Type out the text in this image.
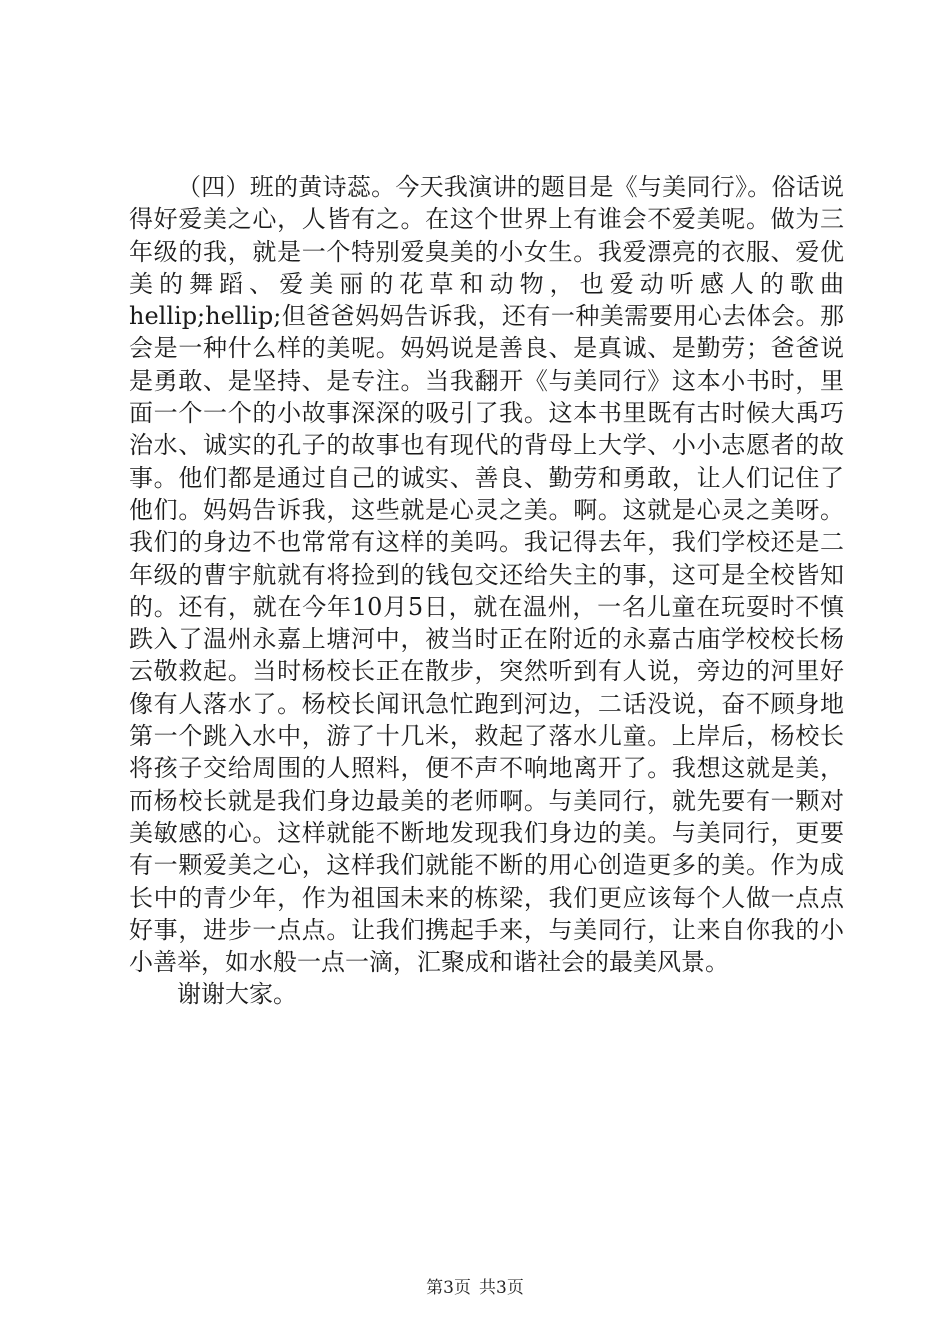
（四）班的黄诗蕊。今天我演讲的题目是《与美同行》。俗话说得好爱美之心，人皆有之。在这个世界上有谁会不爱美呢。做为三年级的我，就是一个特别爱臭美的小女生。我爱漂亮的衣服、爱优美的舞蹈、爱美丽的花草和动物，也爱动听感人的歌曲hellip;hellip;但爸爸妈妈告诉我，还有一种美需要用心去体会。那会是一种什么样的美呢。妈妈说是善良、是真诚、是勤劳；爸爸说是勇敢、是坚持、是专注。当我翻开《与美同行》这本小书时，里面一个一个的小故事深深的吸引了我。这本书里既有古时候大禹巧治水、诚实的孔子的故事也有现代的背母上大学、小小志愿者的故事。他们都是通过自己的诚实、善良、勤劳和勇敢，让人们记住了他们。妈妈告诉我，这些就是心灵之美。啊。这就是心灵之美呀。我们的身边不也常常有这样的美吗。我记得去年，我们学校还是二年级的曹宇航就有将捡到的钱包交还给失主的事，这可是全校皆知的。还有，就在今年10月5日，就在温州，一名儿童在玩耍时不慎跌入了温州永嘉上塘河中，被当时正在附近的永嘉古庙学校校长杨云敬救起。当时杨校长正在散步，突然听到有人说，旁边的河里好像有人落水了。杨校长闻讯急忙跑到河边，二话没说，奋不顾身地第一个跳入水中，游了十几米，救起了落水儿童。上岸后，杨校长将孩子交给周围的人照料，便不声不响地离开了。我想这就是美，而杨校长就是我们身边最美的老师啊。与美同行，就先要有一颗对美敏感的心。这样就能不断地发现我们身边的美。与美同行，更要有一颗爱美之心，这样我们就能不断的用心创造更多的美。作为成长中的青少年，作为祖国未来的栋梁，我们更应该每个人做一点点好事，进步一点点。让我们携起手来，与美同行，让来自你我的小小善举，如水般一点一滴，汇聚成和谐社会的最美风景。

谢谢大家。

第3页 共3页
